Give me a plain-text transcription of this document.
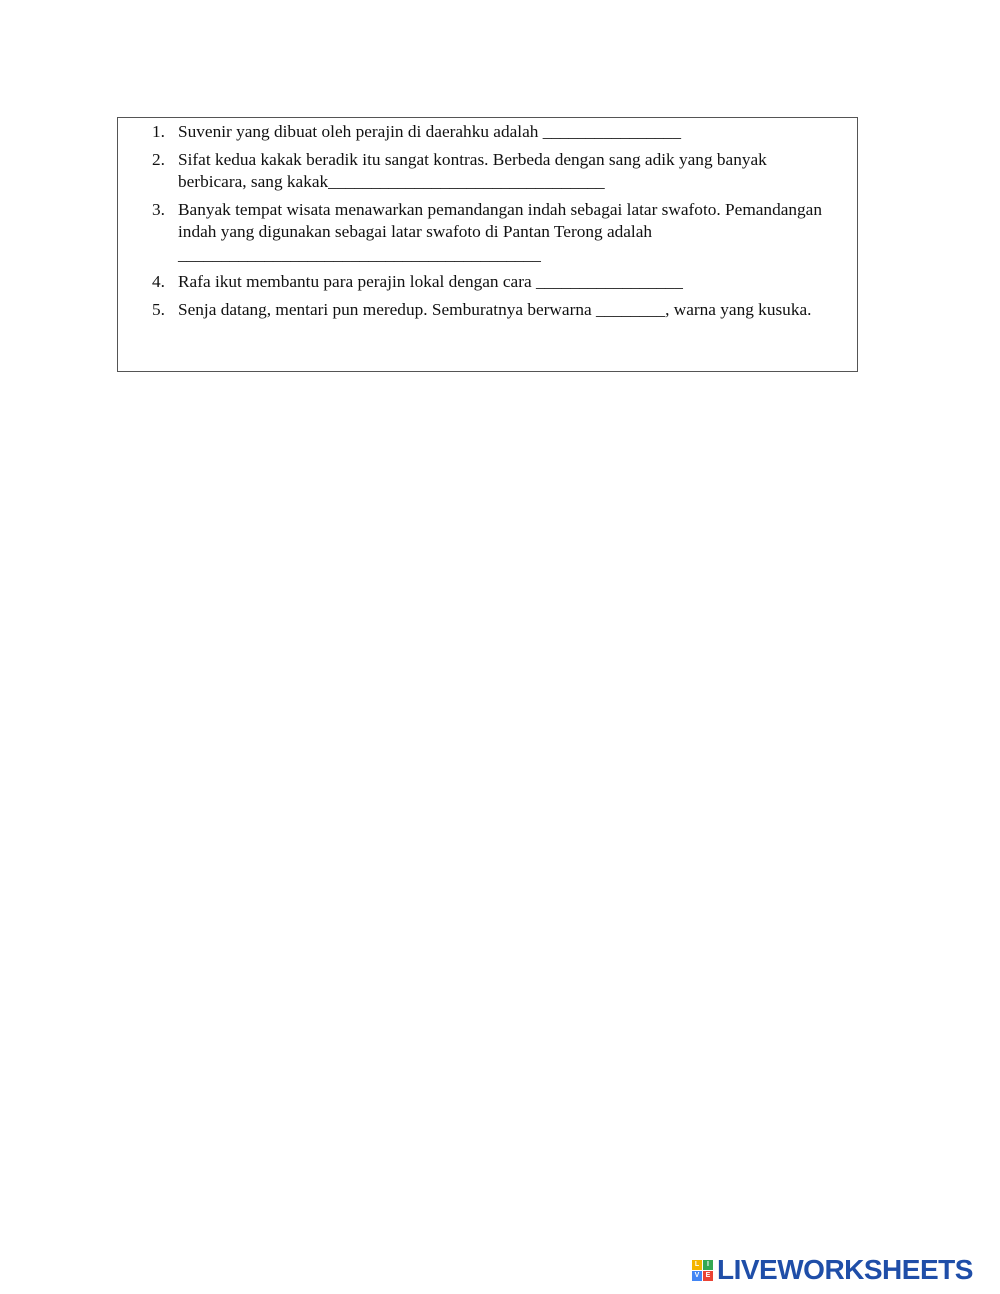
1. Suvenir yang dibuat oleh perajin di daerahku adalah ________________
2. Sifat kedua kakak beradik itu sangat kontras. Berbeda dengan sang adik yang banyak berbicara, sang kakak________________________________
3. Banyak tempat wisata menawarkan pemandangan indah sebagai latar swafoto. Pemandangan indah yang digunakan sebagai latar swafoto di Pantan Terong adalah __________________________________________
4. Rafa ikut membantu para perajin lokal dengan cara _________________
5. Senja datang, mentari pun meredup. Semburatnya berwarna ________, warna yang kusuka.
L	I
V E LIVEWORKSHEETS
